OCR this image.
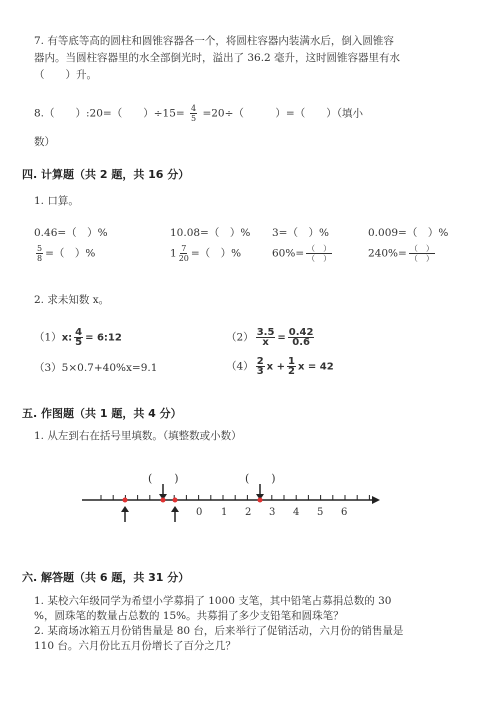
7. 有等底等高的圆柱和圆锥容器各一个，将圆柱容器内装满水后，倒入圆锥容
器内。当圆柱容器里的水全部倒光时，溢出了 36.2 毫升，这时圆锥容器里有水
（　　）升。
8.（　　）:20=（　　）$\div 15= \frac{4}{5} =20\div$（　　　）=（　　）（填小
数）
四. 计算题（共 2 题，共 16 分）
1. 口算。
0.46=（　）%	10.08=（　）% 3=（　）%	0.009=（　）%
$\frac{5}{8}$ =（　）%	$1 \frac{7}{20}$ =（　）%	$60\%= \frac{( )}{( )}$	$240\%= \frac{( )}{( )}$
2. 求未知数 x。
（1）x: $\frac{4}{5}$ = 6:12	$(2) \frac{3.5}{x} = \frac{0.42}{0.6}$
（3）5×0.7+40%x=9.1	$(4) \frac{2}{3}$ $x + \frac{1}{2}$ x = 42
五. 作图题（共 1 题，共 4 分）
1. 从左到右在括号里填数。（填整数或小数）
(　　)	(　　)
0 1 2 3 4 5 6
六. 解答题（共 6 题，共 31 分）
1. 某校六年级同学为希望小学募捐了 1000 支笔，其中铅笔占募捐总数的 30
%，圆珠笔的数量占总数的 15%。共募捐了多少支铅笔和圆珠笔？
2. 某商场冰箱五月份销售量是 80 台，后来举行了促销活动，六月份的销售量是
110 台。六月份比五月份增长了百分之几？
